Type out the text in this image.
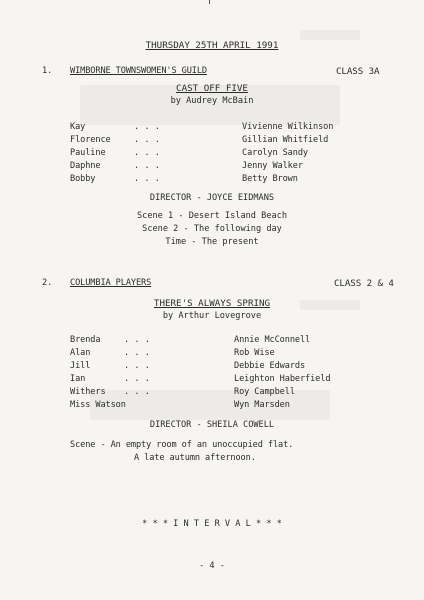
THURSDAY 25TH APRIL 1991
1. WIMBORNE TOWNSWOMEN'S GUILD	CLASS 3A
CAST OFF FIVE
by Audrey McBain
Kay	. . .	Vivienne Wilkinson
Florence	. . .	Gillian Whitfield
Pauline	. . .	Carolyn Sandy
Daphne	. . .	Jenny Walker
Bobby	. . .	Betty Brown
DIRECTOR - JOYCE EIDMANS
Scene 1 - Desert Island Beach
Scene 2 - The following day
Time - The present
2. COLUMBIA PLAYERS	CLASS 2 & 4
THERE'S ALWAYS SPRING
by Arthur Lovegrove
Brenda	. . .	Annie McConnell
Alan	. . .	Rob Wise
Jill	. . .	Debbie Edwards
Ian	. . .	Leighton Haberfield
Withers . . .	Roy Campbell
Miss Watson	Wyn Marsden
DIRECTOR - SHEILA COWELL
Scene - An empty room of an unoccupied flat.
A late autumn afternoon.
* * * I N T E R V A L * * *
- 4 -
